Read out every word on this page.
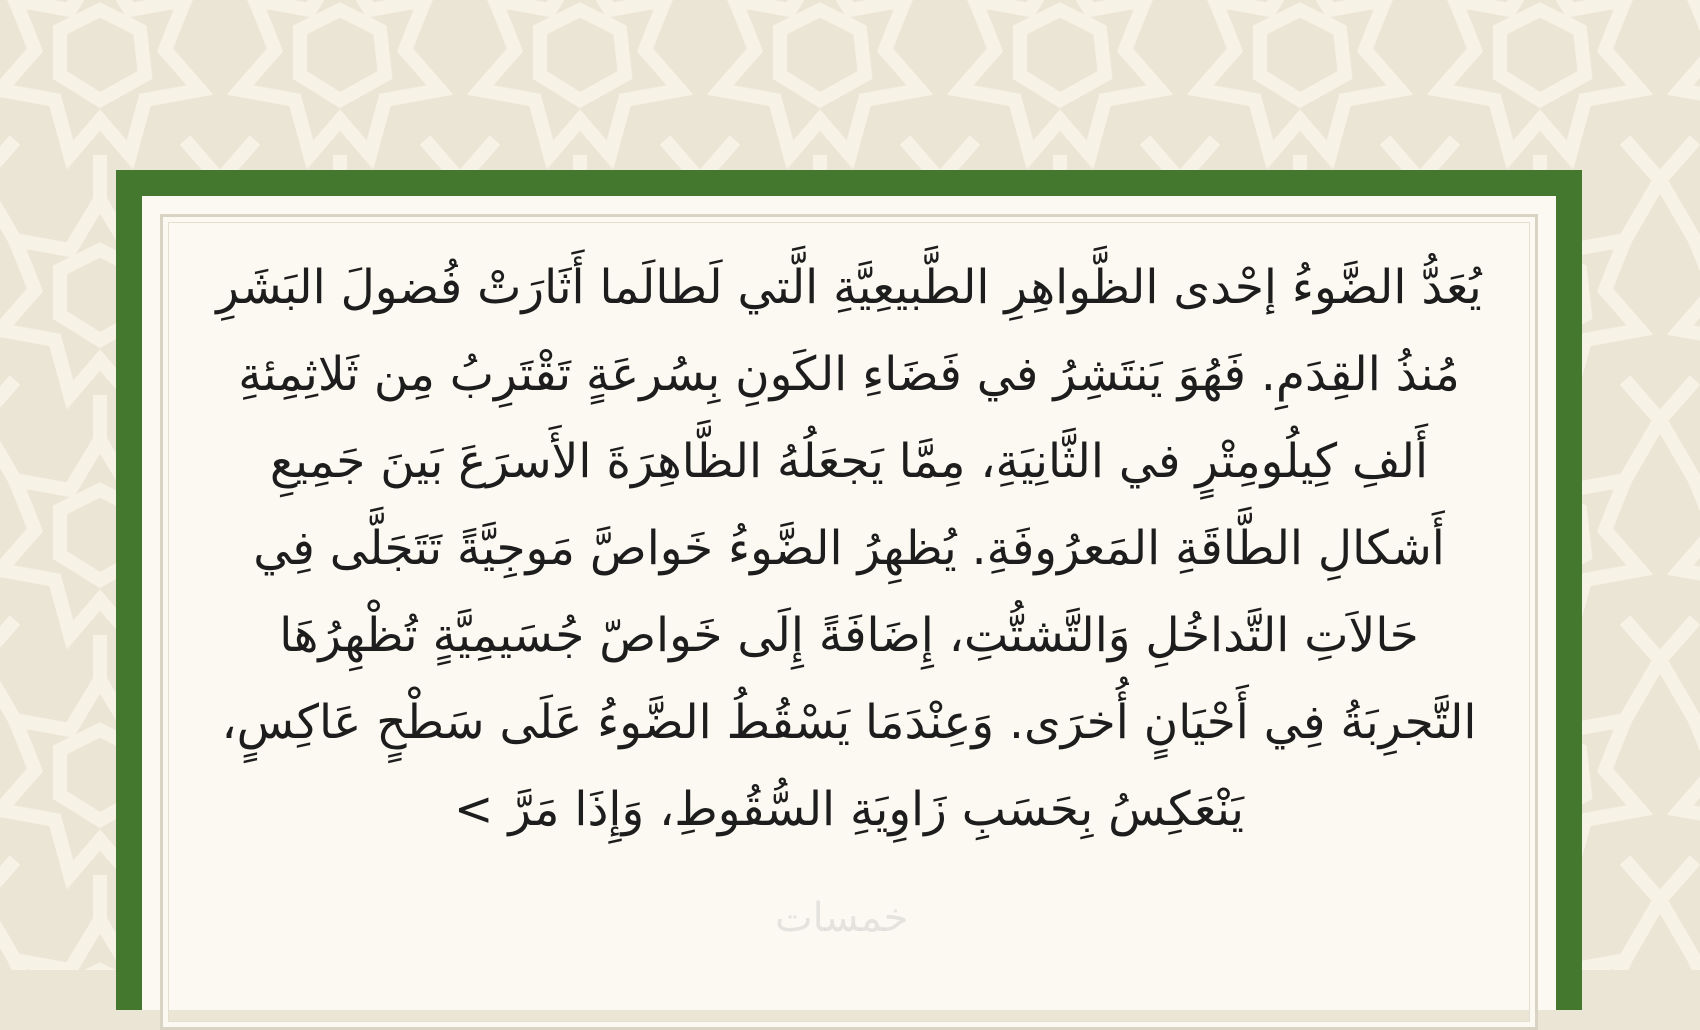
يُعَدُّ الضَّوءُ إحْدى الظَّواهِرِ الطَّبيعِيَّةِ الَّتي لَطالَما أَثَارَتْ فُضولَ البَشَرِ مُنذُ القِدَمِ. فَهُوَ يَنتَشِرُ في فَضَاءِ الكَونِ بِسُرعَةٍ تَقْتَرِبُ مِن ثَلاثِمِئةِ أَلفِ كِيلُومِتْرٍ في الثَّانِيَةِ، مِمَّا يَجعَلُهُ الظَّاهِرَةَ الأَسرَعَ بَينَ جَمِيعِ أَشكالِ الطَّاقَةِ المَعرُوفَةِ. يُظهِرُ الضَّوءُ خَواصَّ مَوجِيَّةً تَتَجَلَّى فِي حَالاَتِ التَّداخُلِ وَالتَّشتُّتِ، إِضَافَةً إِلَى خَواصّ جُسَيمِيَّةٍ تُظْهِرُهَا التَّجرِبَةُ فِي أَحْيَانٍ أُخرَى. وَعِنْدَمَا يَسْقُطُ الضَّوءُ عَلَى سَطْحٍ عَاكِسٍ، يَنْعَكِسُ بِحَسَبِ زَاوِيَةِ السُّقُوطِ، وَإِذَا مَرَّ >

خمسات
